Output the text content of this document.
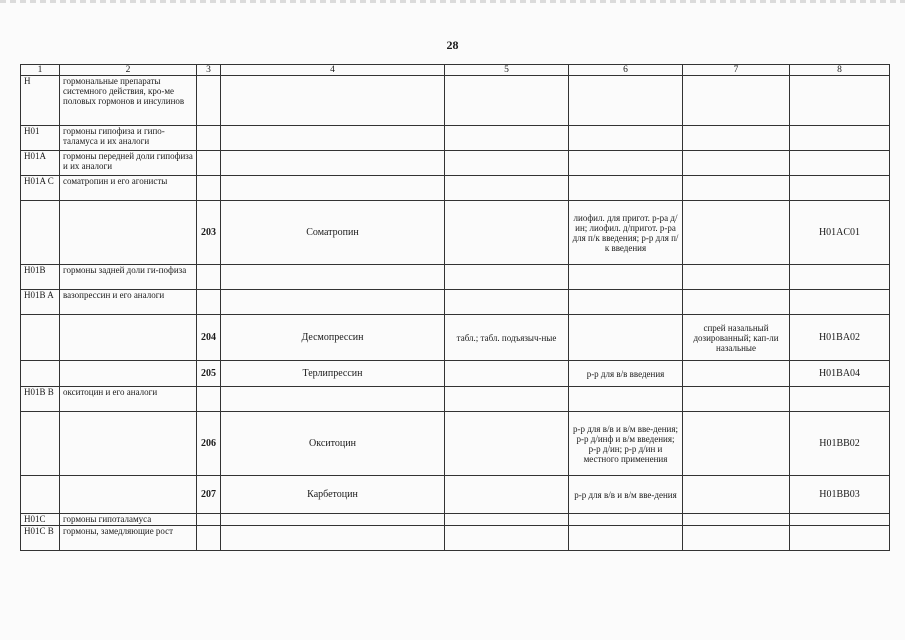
28
1	2	3	4	5	6	7	8
H	гормональные препараты системного действия, кро-ме половых гормонов и инсулинов						
H01	гормоны гипофиза и гипо-таламуса и их аналоги						
H01A	гормоны передней доли гипофиза и их аналоги						
H01A C	соматропин и его агонисты						
		203	Соматропин		лиофил. для пригот. р-ра д/ин; лиофил. д/пригот. р-ра для п/к введения; р-р для п/к введения		H01AC01
H01B	гормоны задней доли ги-пофиза						
H01B A	вазопрессин и его аналоги						
		204	Десмопрессин	табл.; табл. подъязыч-ные		спрей назальный дозированный; кап-ли назальные	H01BA02
		205	Терлипрессин		р-р для в/в введения		H01BA04
H01B B	окситоцин и его аналоги						
		206	Окситоцин		р-р для в/в и в/м вве-дения; р-р д/инф и в/м введения; р-р д/ин; р-р д/ин и местного применения		H01BB02
		207	Карбетоцин		р-р для в/в и в/м вве-дения		H01BB03
H01C	гормоны гипоталамуса						
H01C B	гормоны, замедляющие рост						
